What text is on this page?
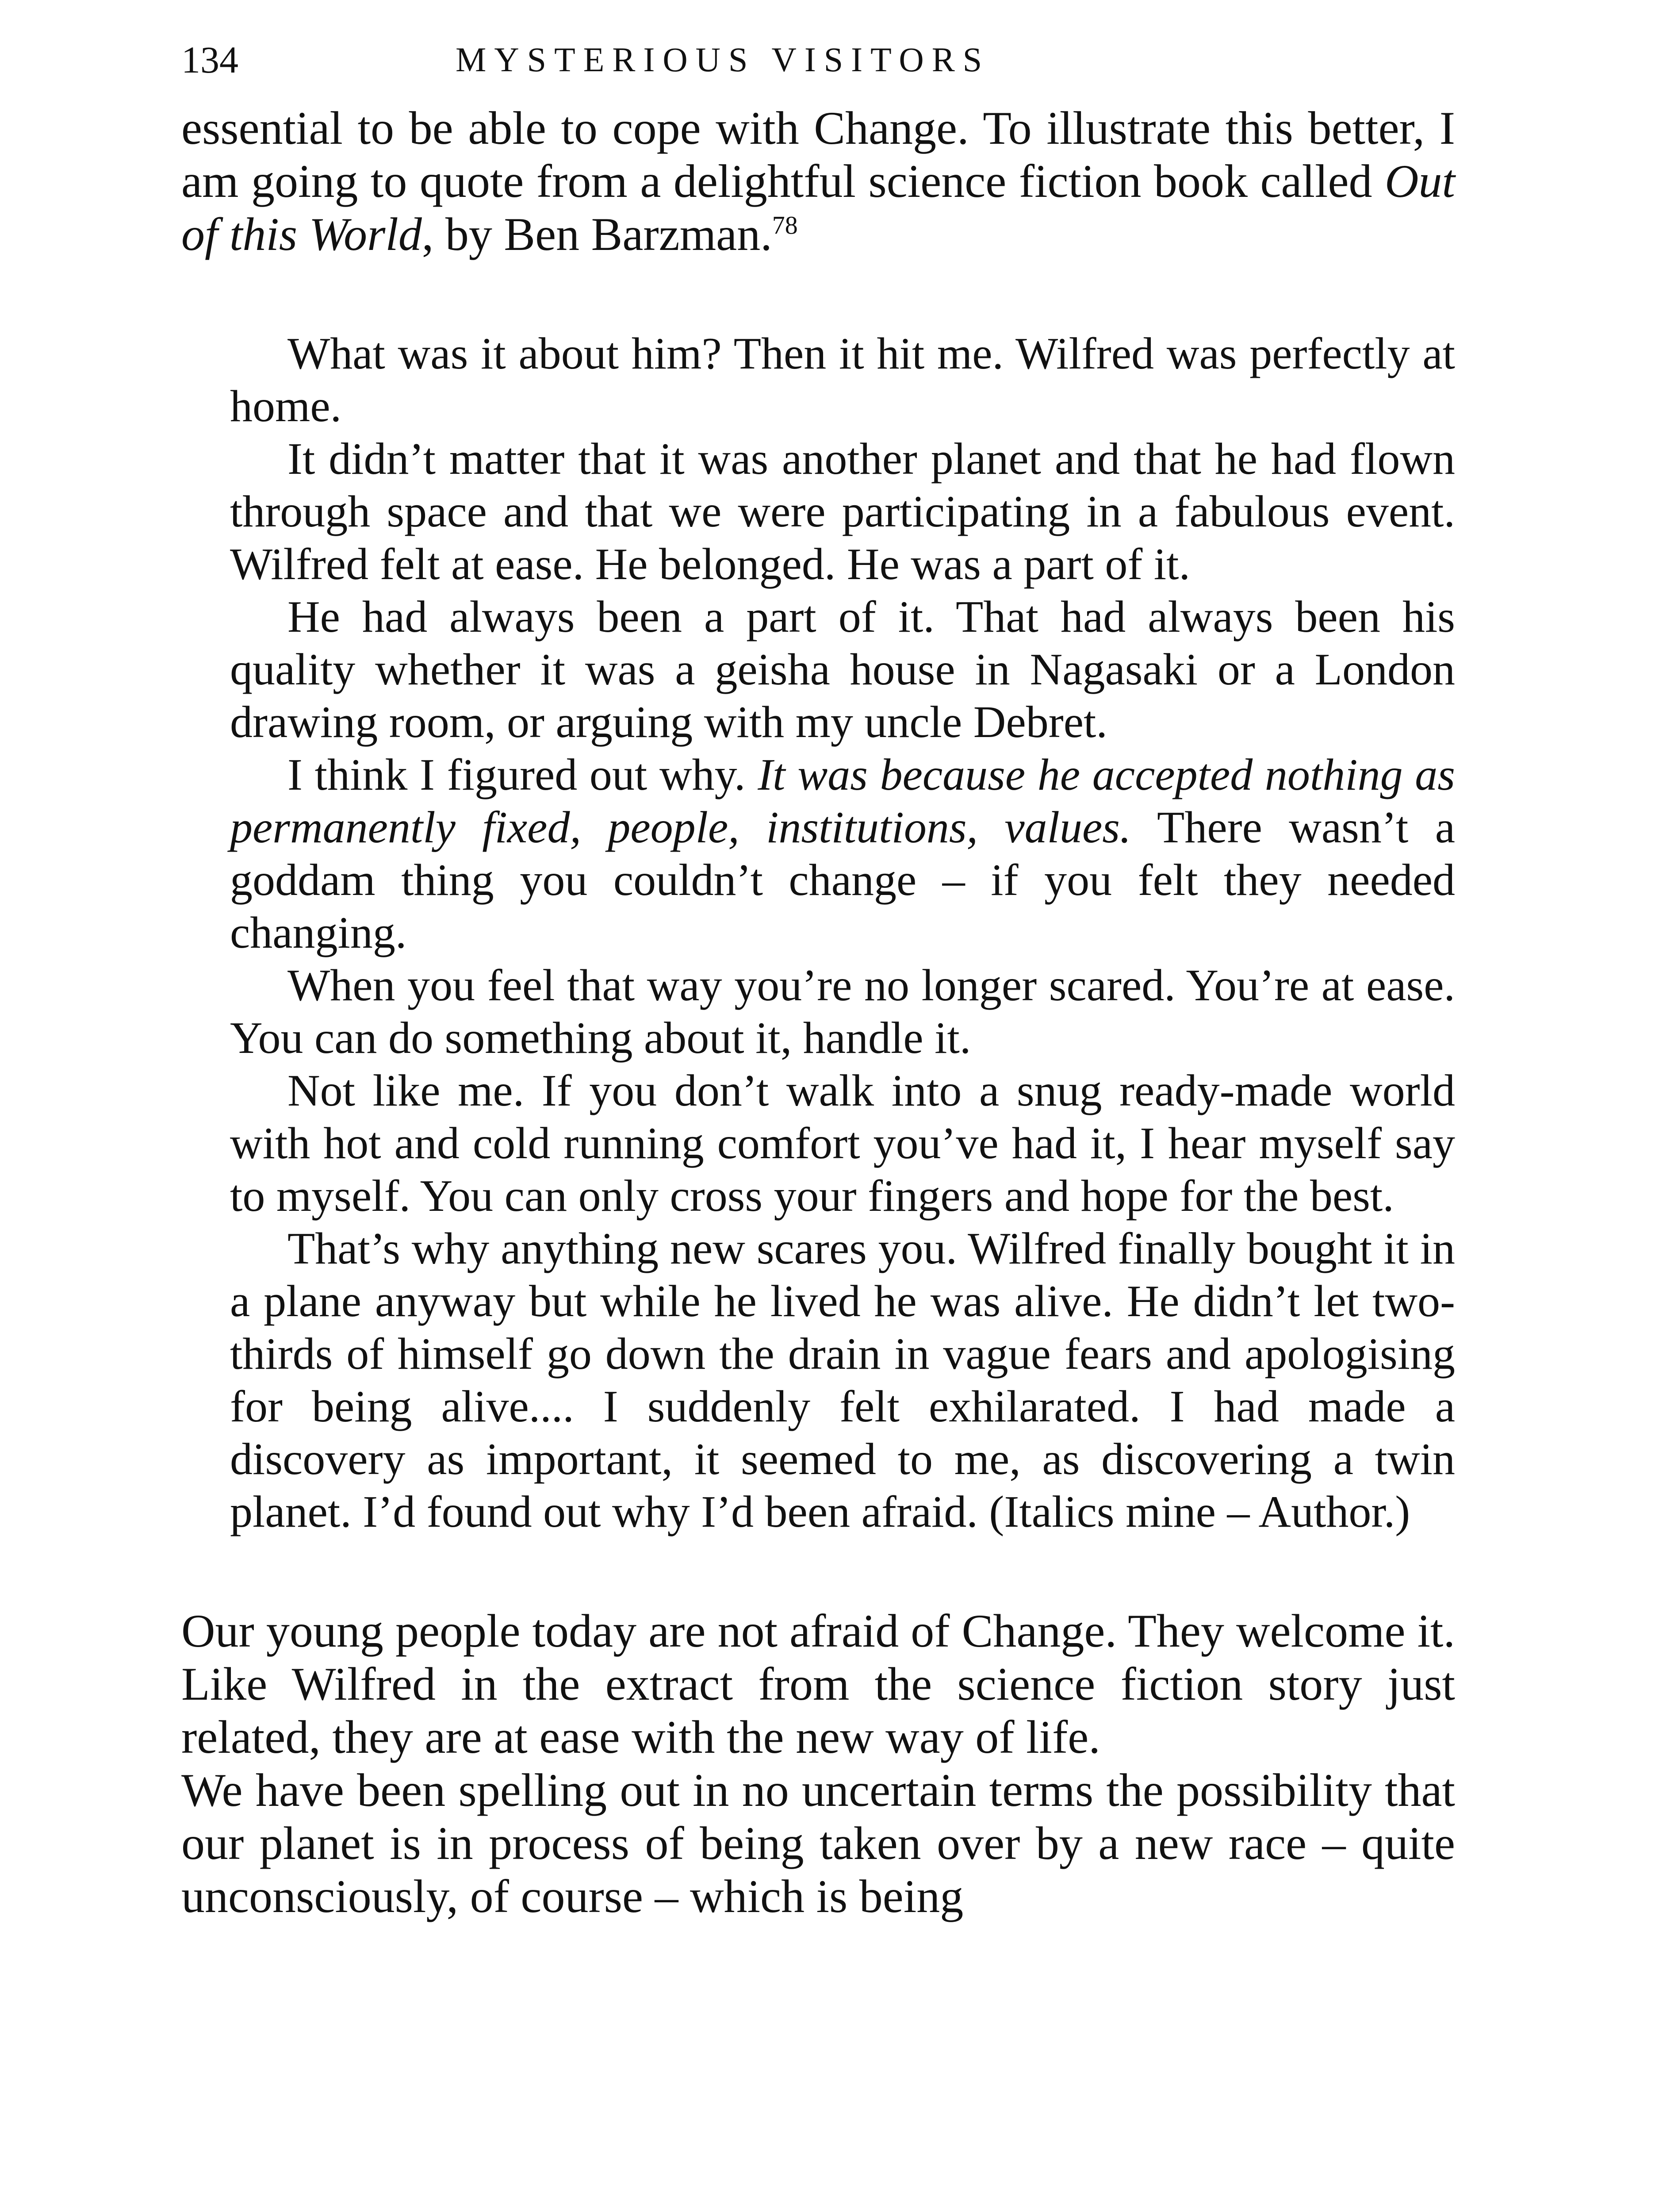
134	MYSTERIOUS VISITORS

essential to be able to cope with Change. To illustrate this better, I am going to quote from a delightful science fiction book called Out of this World, by Ben Barzman.$^{78}$

What was it about him? Then it hit me. Wilfred was perfectly at home.

It didn’t matter that it was another planet and that he had flown through space and that we were participating in a fabulous event. Wilfred felt at ease. He belonged. He was a part of it.

He had always been a part of it. That had always been his quality whether it was a geisha house in Nagasaki or a London drawing room, or arguing with my uncle Debret.

I think I figured out why. It was because he accepted nothing as permanently fixed, people, institutions, values. There wasn’t a goddam thing you couldn’t change – if you felt they needed changing.

When you feel that way you’re no longer scared. You’re at ease. You can do something about it, handle it.

Not like me. If you don’t walk into a snug ready-made world with hot and cold running comfort you’ve had it, I hear myself say to myself. You can only cross your fingers and hope for the best.

That’s why anything new scares you. Wilfred finally bought it in a plane anyway but while he lived he was alive. He didn’t let two-thirds of himself go down the drain in vague fears and apologising for being alive.... I suddenly felt exhilarated. I had made a discovery as important, it seemed to me, as discovering a twin planet. I’d found out why I’d been afraid. (Italics mine – Author.)

Our young people today are not afraid of Change. They welcome it. Like Wilfred in the extract from the science fiction story just related, they are at ease with the new way of life.

We have been spelling out in no uncertain terms the possibility that our planet is in process of being taken over by a new race – quite unconsciously, of course – which is being
